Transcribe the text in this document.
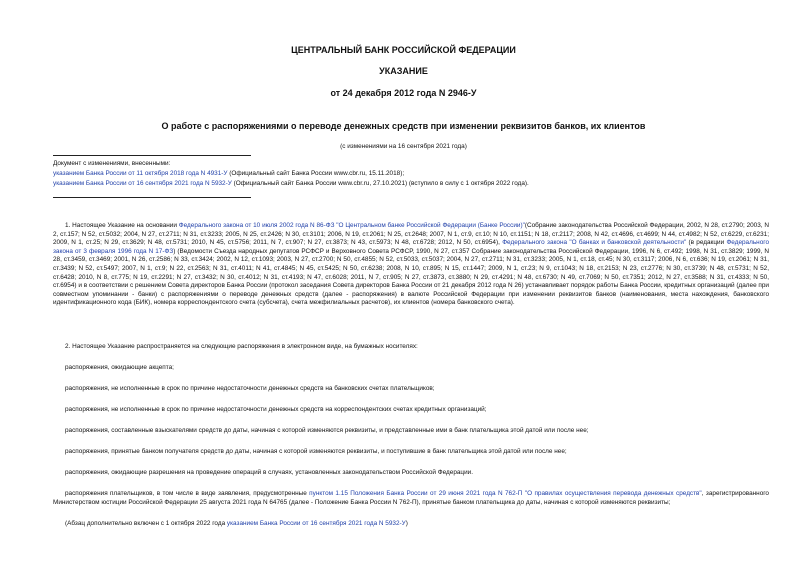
ЦЕНТРАЛЬНЫЙ БАНК РОССИЙСКОЙ ФЕДЕРАЦИИ
УКАЗАНИЕ
от 24 декабря 2012 года N 2946-У
О работе с распоряжениями о переводе денежных средств при изменении реквизитов банков, их клиентов
(с изменениями на 16 сентября 2021 года)
Документ с изменениями, внесенными:
указанием Банка России от 11 октября 2018 года N 4931-У (Официальный сайт Банка России www.cbr.ru, 15.11.2018);
указанием Банка России от 16 сентября 2021 года N 5932-У (Официальный сайт Банка России www.cbr.ru, 27.10.2021) (вступило в силу с 1 октября 2022 года).
1. Настоящее Указание на основании Федерального закона от 10 июля 2002 года N 86-ФЗ "О Центральном банке Российской Федерации (Банке России)"(Собрание законодательства Российской Федерации, 2002, N 28, ст.2790; 2003, N 2, ст.157; N 52, ст.5032; 2004, N 27, ст.2711; N 31, ст.3233; 2005, N 25, ст.2426; N 30, ст.3101; 2006, N 19, ст.2061; N 25, ст.2648; 2007, N 1, ст.9, ст.10; N 10, ст.1151; N 18, ст.2117; 2008, N 42, ст.4696, ст.4699; N 44, ст.4982; N 52, ст.6229, ст.6231; 2009, N 1, ст.25; N 29, ст.3629; N 48, ст.5731; 2010, N 45, ст.5756; 2011, N 7, ст.907; N 27, ст.3873; N 43, ст.5973; N 48, ст.6728; 2012, N 50, ст.6954), Федерального закона "О банках и банковской деятельности" (в редакции Федерального закона от 3 февраля 1996 года N 17-ФЗ) (Ведомости Съезда народных депутатов РСФСР и Верховного Совета РСФСР, 1990, N 27, ст.357 Собрание законодательства Российской Федерации, 1996, N 6, ст.492; 1998, N 31, ст.3829; 1999, N 28, ст.3459, ст.3469; 2001, N 26, ст.2586; N 33, ст.3424; 2002, N 12, ст.1093; 2003, N 27, ст.2700; N 50, ст.4855; N 52, ст.5033, ст.5037; 2004, N 27, ст.2711; N 31, ст.3233; 2005, N 1, ст.18, ст.45; N 30, ст.3117; 2006, N 6, ст.636; N 19, ст.2061; N 31, ст.3439; N 52, ст.5497; 2007, N 1, ст.9; N 22, ст.2563; N 31, ст.4011; N 41, ст.4845; N 45, ст.5425; N 50, ст.6238; 2008, N 10, ст.895; N 15, ст.1447; 2009, N 1, ст.23; N 9, ст.1043; N 18, ст.2153; N 23, ст.2776; N 30, ст.3739; N 48, ст.5731; N 52, ст.6428; 2010, N 8, ст.775; N 19, ст.2291; N 27, ст.3432; N 30, ст.4012; N 31, ст.4193; N 47, ст.6028; 2011, N 7, ст.905; N 27, ст.3873, ст.3880; N 29, ст.4291; N 48, ст.6730; N 49, ст.7069; N 50, ст.7351; 2012, N 27, ст.3588; N 31, ст.4333; N 50, ст.6954) и в соответствии с решением Совета директоров Банка России (протокол заседания Совета директоров Банка России от 21 декабря 2012 года N 26) устанавливает порядок работы Банка России, кредитных организаций (далее при совместном упоминании - банки) с распоряжениями о переводе денежных средств (далее - распоряжения) в валюте Российской Федерации при изменении реквизитов банков (наименования, места нахождения, банковского идентификационного кода (БИК), номера корреспондентского счета (субсчета), счета межфилиальных расчетов), их клиентов (номера банковского счета).
2. Настоящее Указание распространяется на следующие распоряжения в электронном виде, на бумажных носителях:
распоряжения, ожидающие акцепта;
распоряжения, не исполненные в срок по причине недостаточности денежных средств на банковских счетах плательщиков;
распоряжения, не исполненные в срок по причине недостаточности денежных средств на корреспондентских счетах кредитных организаций;
распоряжения, составленные взыскателями средств до даты, начиная с которой изменяются реквизиты, и представленные ими в банк плательщика этой датой или после нее;
распоряжения, принятые банком получателя средств до даты, начиная с которой изменяются реквизиты, и поступившие в банк плательщика этой датой или после нее;
распоряжения, ожидающие разрешения на проведение операций в случаях, установленных законодательством Российской Федерации.
распоряжения плательщиков, в том числе в виде заявления, предусмотренные пунктом 1.15 Положения Банка России от 29 июня 2021 года N 762-П "О правилах осуществления перевода денежных средств", зарегистрированного Министерством юстиции Российской Федерации 25 августа 2021 года N 64765 (далее - Положение Банка России N 762-П), принятые банком плательщика до даты, начиная с которой изменяются реквизиты;
(Абзац дополнительно включен с 1 октября 2022 года указанием Банка России от 16 сентября 2021 года N 5932-У)
